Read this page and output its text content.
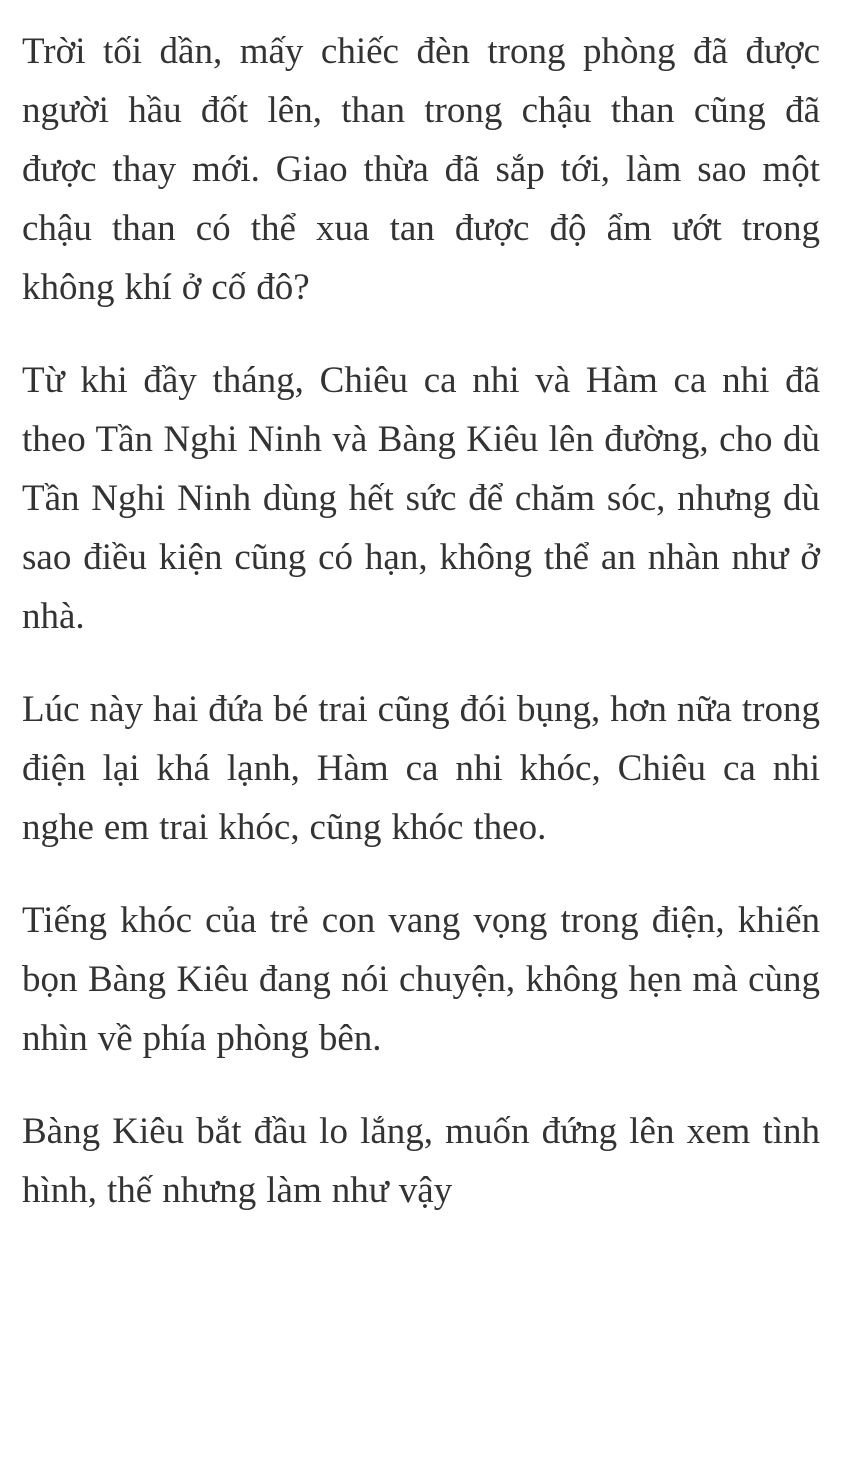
Trời tối dần, mấy chiếc đèn trong phòng đã được người hầu đốt lên, than trong chậu than cũng đã được thay mới. Giao thừa đã sắp tới, làm sao một chậu than có thể xua tan được độ ẩm ướt trong không khí ở cố đô?

Từ khi đầy tháng, Chiêu ca nhi và Hàm ca nhi đã theo Tần Nghi Ninh và Bàng Kiêu lên đường, cho dù Tần Nghi Ninh dùng hết sức để chăm sóc, nhưng dù sao điều kiện cũng có hạn, không thể an nhàn như ở nhà.

Lúc này hai đứa bé trai cũng đói bụng, hơn nữa trong điện lại khá lạnh, Hàm ca nhi khóc, Chiêu ca nhi nghe em trai khóc, cũng khóc theo.

Tiếng khóc của trẻ con vang vọng trong điện, khiến bọn Bàng Kiêu đang nói chuyện, không hẹn mà cùng nhìn về phía phòng bên.

Bàng Kiêu bắt đầu lo lắng, muốn đứng lên xem tình hình, thế nhưng làm như vậy
